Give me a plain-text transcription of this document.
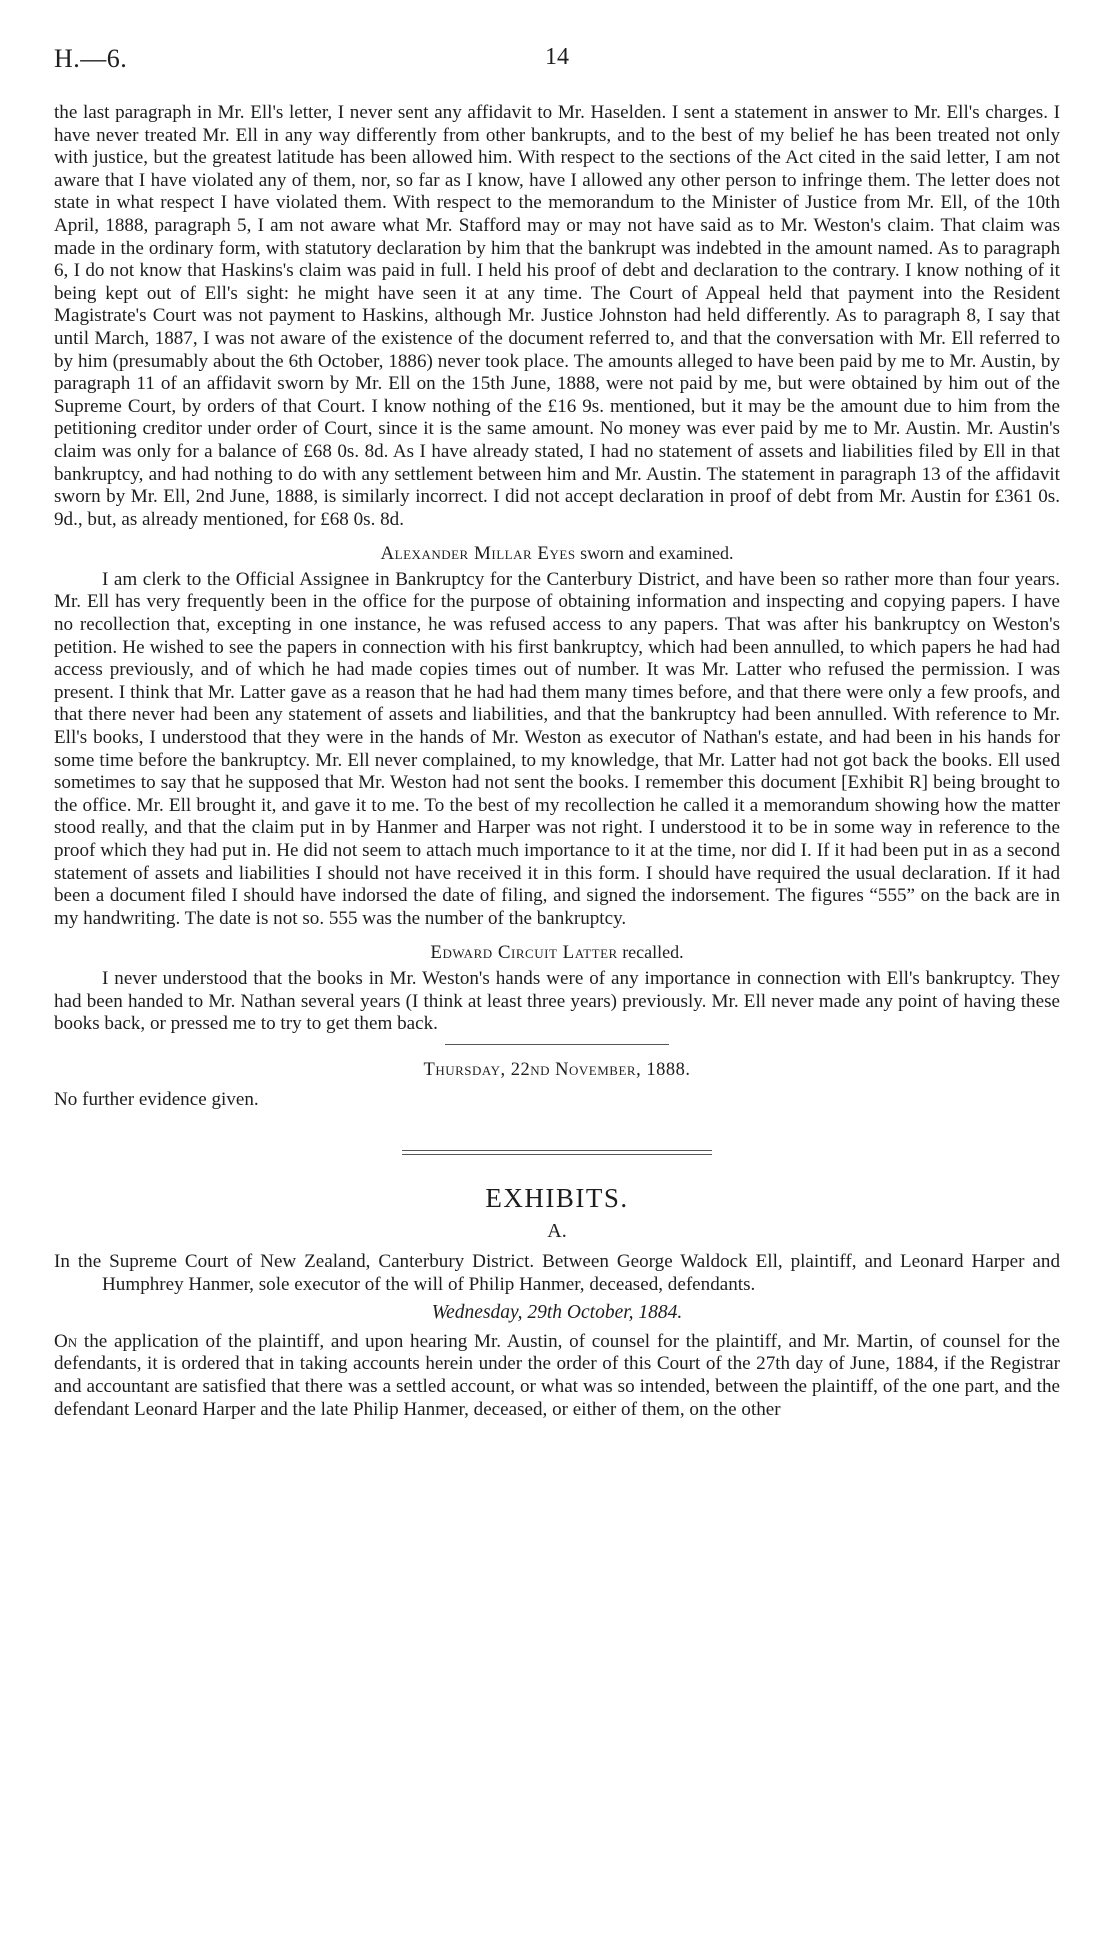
H.—6.	14

the last paragraph in Mr. Ell's letter, I never sent any affidavit to Mr. Haselden. I sent a statement in answer to Mr. Ell's charges. I have never treated Mr. Ell in any way differently from other bankrupts, and to the best of my belief he has been treated not only with justice, but the greatest latitude has been allowed him. With respect to the sections of the Act cited in the said letter, I am not aware that I have violated any of them, nor, so far as I know, have I allowed any other person to infringe them. The letter does not state in what respect I have violated them. With respect to the memorandum to the Minister of Justice from Mr. Ell, of the 10th April, 1888, paragraph 5, I am not aware what Mr. Stafford may or may not have said as to Mr. Weston's claim. That claim was made in the ordinary form, with statutory declaration by him that the bankrupt was indebted in the amount named. As to paragraph 6, I do not know that Haskins's claim was paid in full. I held his proof of debt and declaration to the contrary. I know nothing of it being kept out of Ell's sight: he might have seen it at any time. The Court of Appeal held that payment into the Resident Magistrate's Court was not payment to Haskins, although Mr. Justice Johnston had held differently. As to paragraph 8, I say that until March, 1887, I was not aware of the existence of the document referred to, and that the conversation with Mr. Ell referred to by him (presumably about the 6th October, 1886) never took place. The amounts alleged to have been paid by me to Mr. Austin, by paragraph 11 of an affidavit sworn by Mr. Ell on the 15th June, 1888, were not paid by me, but were obtained by him out of the Supreme Court, by orders of that Court. I know nothing of the £16 9s. mentioned, but it may be the amount due to him from the petitioning creditor under order of Court, since it is the same amount. No money was ever paid by me to Mr. Austin. Mr. Austin's claim was only for a balance of £68 0s. 8d. As I have already stated, I had no statement of assets and liabilities filed by Ell in that bankruptcy, and had nothing to do with any settlement between him and Mr. Austin. The statement in paragraph 13 of the affidavit sworn by Mr. Ell, 2nd June, 1888, is similarly incorrect. I did not accept declaration in proof of debt from Mr. Austin for £361 0s. 9d., but, as already mentioned, for £68 0s. 8d.

Alexander Millar Eyes sworn and examined.

I am clerk to the Official Assignee in Bankruptcy for the Canterbury District, and have been so rather more than four years. Mr. Ell has very frequently been in the office for the purpose of obtaining information and inspecting and copying papers. I have no recollection that, excepting in one instance, he was refused access to any papers. That was after his bankruptcy on Weston's petition. He wished to see the papers in connection with his first bankruptcy, which had been annulled, to which papers he had had access previously, and of which he had made copies times out of number. It was Mr. Latter who refused the permission. I was present. I think that Mr. Latter gave as a reason that he had had them many times before, and that there were only a few proofs, and that there never had been any statement of assets and liabilities, and that the bankruptcy had been annulled. With reference to Mr. Ell's books, I understood that they were in the hands of Mr. Weston as executor of Nathan's estate, and had been in his hands for some time before the bankruptcy. Mr. Ell never complained, to my knowledge, that Mr. Latter had not got back the books. Ell used sometimes to say that he supposed that Mr. Weston had not sent the books. I remember this document [Exhibit R] being brought to the office. Mr. Ell brought it, and gave it to me. To the best of my recollection he called it a memorandum showing how the matter stood really, and that the claim put in by Hanmer and Harper was not right. I understood it to be in some way in reference to the proof which they had put in. He did not seem to attach much importance to it at the time, nor did I. If it had been put in as a second statement of assets and liabilities I should not have received it in this form. I should have required the usual declaration. If it had been a document filed I should have indorsed the date of filing, and signed the indorsement. The figures “555” on the back are in my handwriting. The date is not so. 555 was the number of the bankruptcy.

Edward Circuit Latter recalled.

I never understood that the books in Mr. Weston's hands were of any importance in connection with Ell's bankruptcy. They had been handed to Mr. Nathan several years (I think at least three years) previously. Mr. Ell never made any point of having these books back, or pressed me to try to get them back.

Thursday, 22nd November, 1888.
No further evidence given.
EXHIBITS.
A.

In the Supreme Court of New Zealand, Canterbury District. Between George Waldock Ell, plaintiff, and Leonard Harper and Humphrey Hanmer, sole executor of the will of Philip Hanmer, deceased, defendants.

Wednesday, 29th October, 1884.

On the application of the plaintiff, and upon hearing Mr. Austin, of counsel for the plaintiff, and Mr. Martin, of counsel for the defendants, it is ordered that in taking accounts herein under the order of this Court of the 27th day of June, 1884, if the Registrar and accountant are satisfied that there was a settled account, or what was so intended, between the plaintiff, of the one part, and the defendant Leonard Harper and the late Philip Hanmer, deceased, or either of them, on the other
